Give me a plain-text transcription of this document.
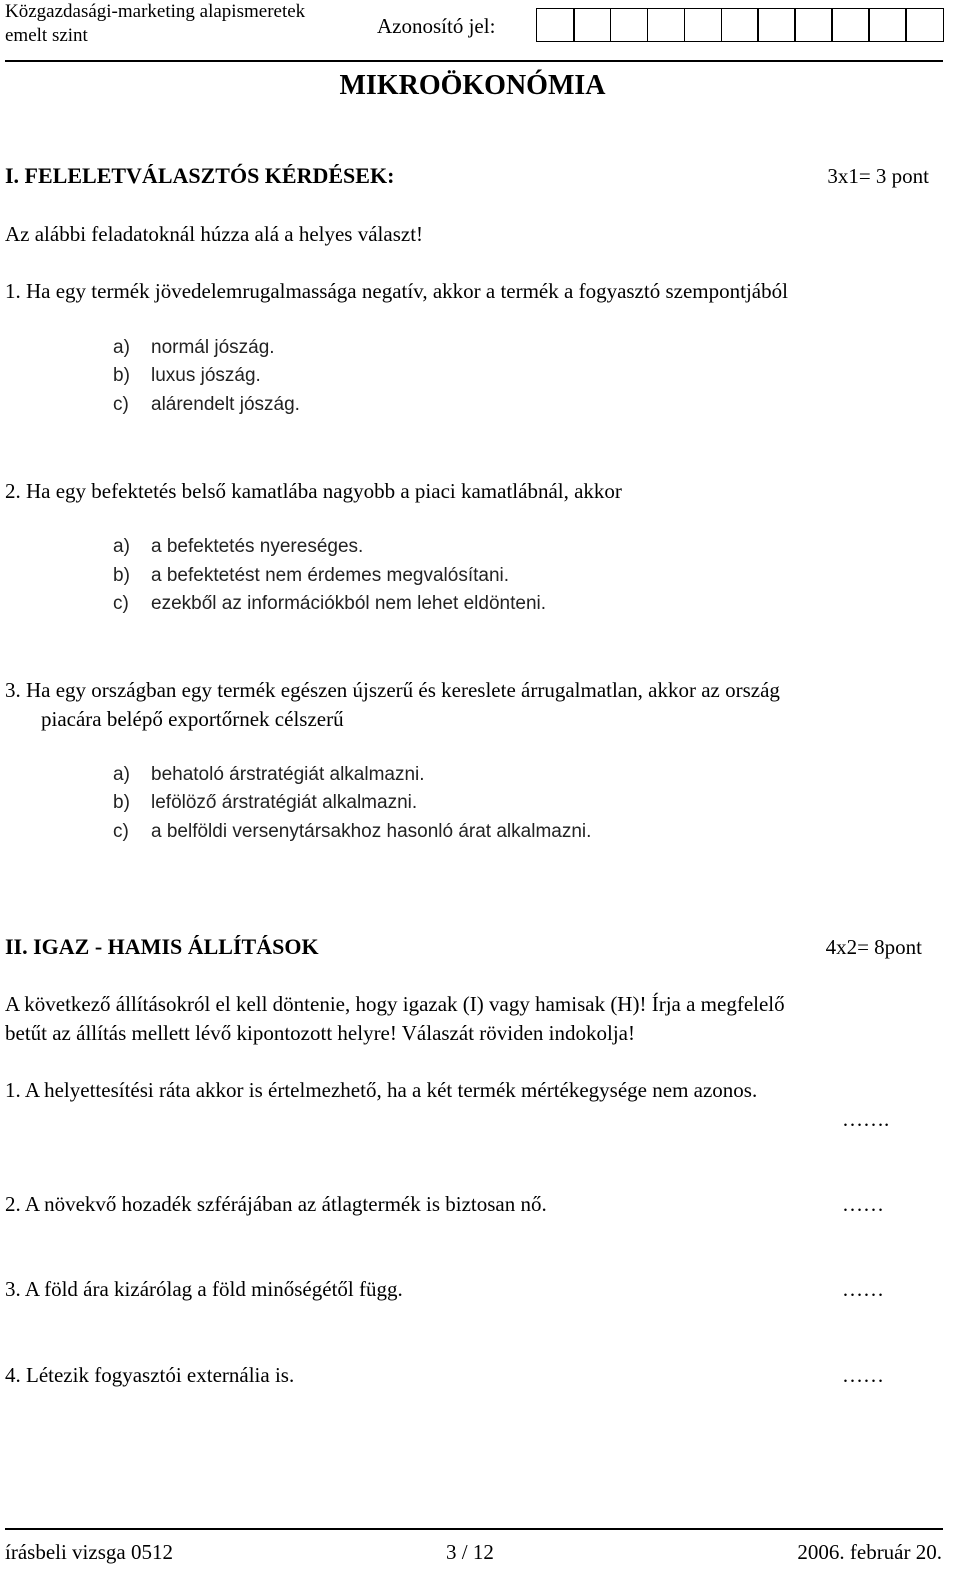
Közgazdasági-marketing alapismeretek
emelt szint	Azonosító jel:
MIKROÖKONÓMIA
I. FELELETVÁLASZTÓS KÉRDÉSEK:	3x1= 3 pont
Az alábbi feladatoknál húzza alá a helyes választ!
1. Ha egy termék jövedelemrugalmassága negatív, akkor a termék a fogyasztó szempontjából
a) normál jószág.
b) luxus jószág.
c) alárendelt jószág.
2. Ha egy befektetés belső kamatlába nagyobb a piaci kamatlábnál, akkor
a) a befektetés nyereséges.
b) a befektetést nem érdemes megvalósítani.
c) ezekből az információkból nem lehet eldönteni.
3. Ha egy országban egy termék egészen újszerű és kereslete árrugalmatlan, akkor az ország
piacára belépő exportőrnek célszerű
a) behatoló árstratégiát alkalmazni.
b) lefölöző árstratégiát alkalmazni.
c) a belföldi versenytársakhoz hasonló árat alkalmazni.
II. IGAZ - HAMIS ÁLLÍTÁSOK	4x2= 8pont
A következő állításokról el kell döntenie, hogy igazak (I) vagy hamisak (H)! Írja a megfelelő
betűt az állítás mellett lévő kipontozott helyre! Válaszát röviden indokolja!
1. A helyettesítési ráta akkor is értelmezhető, ha a két termék mértékegysége nem azonos.
…….
2. A növekvő hozadék szférájában az átlagtermék is biztosan nő.	……
3. A föld ára kizárólag a föld minőségétől függ.	……
4. Létezik fogyasztói externália is.	……
írásbeli vizsga 0512	3 / 12	2006. február 20.
